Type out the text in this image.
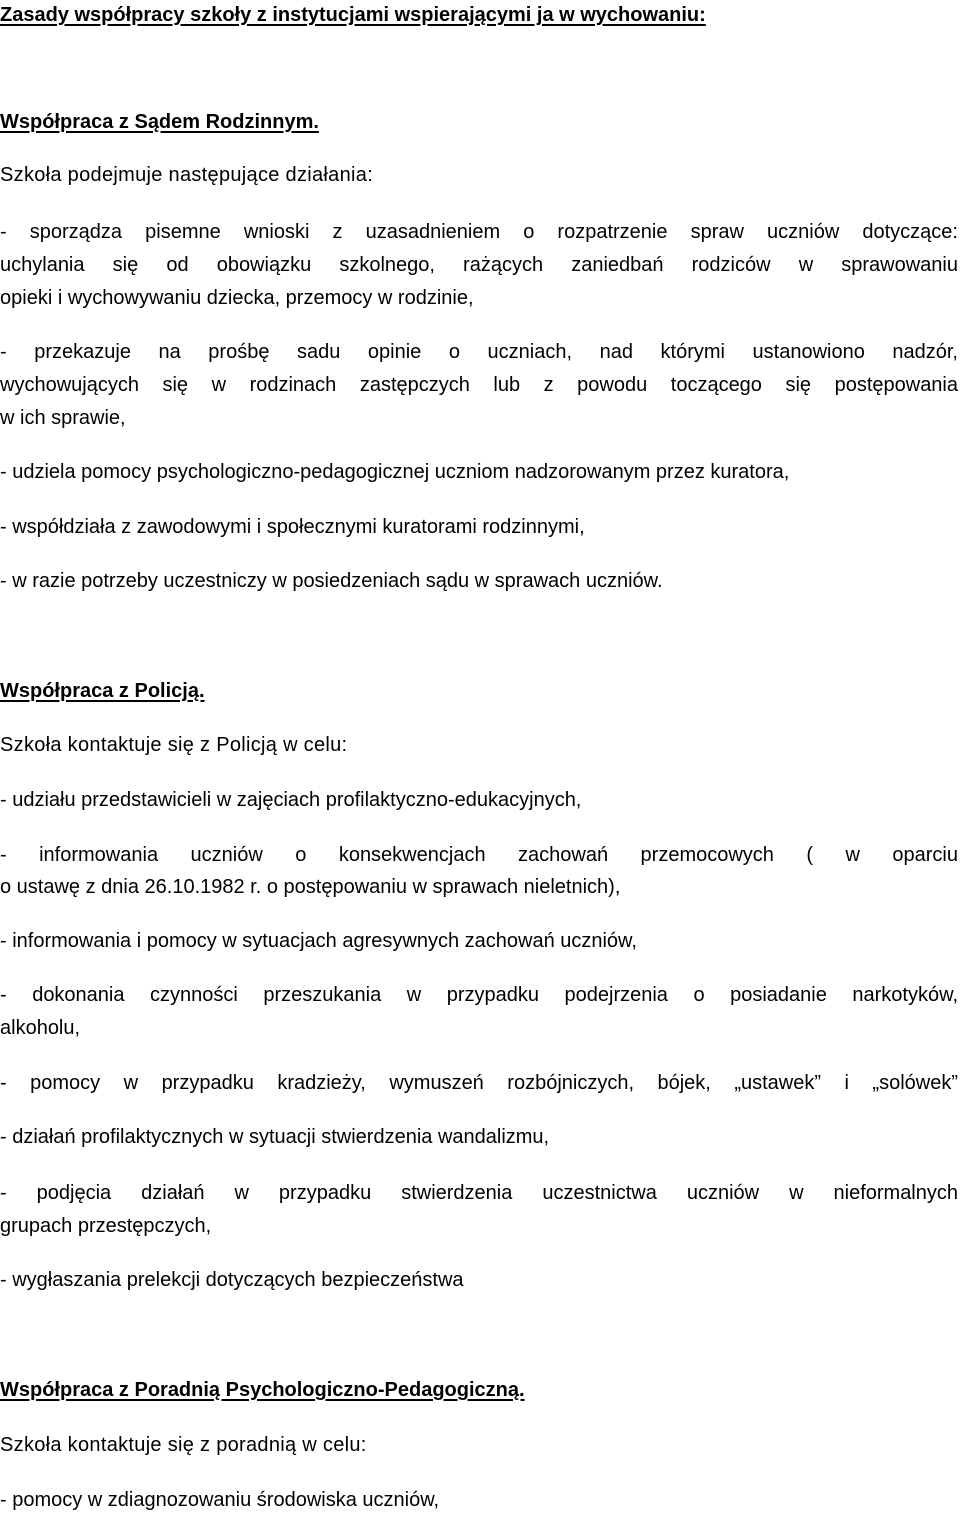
Zasady współpracy szkoły z instytucjami wspierającymi ja w wychowaniu:

Współpraca z Sądem Rodzinnym.

Szkoła podejmuje następujące działania:

- sporządza pisemne wnioski z uzasadnieniem o rozpatrzenie spraw uczniów dotyczące:

uchylania się od obowiązku szkolnego, rażących zaniedbań rodziców w sprawowaniu

opieki i wychowywaniu dziecka, przemocy w rodzinie,

- przekazuje na prośbę sadu opinie o uczniach, nad którymi ustanowiono nadzór,

wychowujących się w rodzinach zastępczych lub z powodu toczącego się postępowania

w ich sprawie,

- udziela pomocy psychologiczno-pedagogicznej uczniom nadzorowanym przez kuratora,

- współdziała z zawodowymi i społecznymi kuratorami rodzinnymi,

- w razie potrzeby uczestniczy w posiedzeniach sądu w sprawach uczniów.

Współpraca z Policją.

Szkoła kontaktuje się z Policją w celu:

- udziału przedstawicieli w zajęciach profilaktyczno-edukacyjnych,

- informowania uczniów o konsekwencjach zachowań przemocowych ( w oparciu

o ustawę z dnia 26.10.1982 r. o postępowaniu w sprawach nieletnich),

- informowania i pomocy w sytuacjach agresywnych zachowań uczniów,

- dokonania czynności przeszukania w przypadku podejrzenia o posiadanie narkotyków,

alkoholu,

- pomocy w przypadku kradzieży, wymuszeń rozbójniczych, bójek, „ustawek” i „solówek”

- działań profilaktycznych w sytuacji stwierdzenia wandalizmu,

- podjęcia działań w przypadku stwierdzenia uczestnictwa uczniów w nieformalnych

grupach przestępczych,

- wygłaszania prelekcji dotyczących bezpieczeństwa

Współpraca z Poradnią Psychologiczno-Pedagogiczną.

Szkoła kontaktuje się z poradnią w celu:

- pomocy w zdiagnozowaniu środowiska uczniów,
